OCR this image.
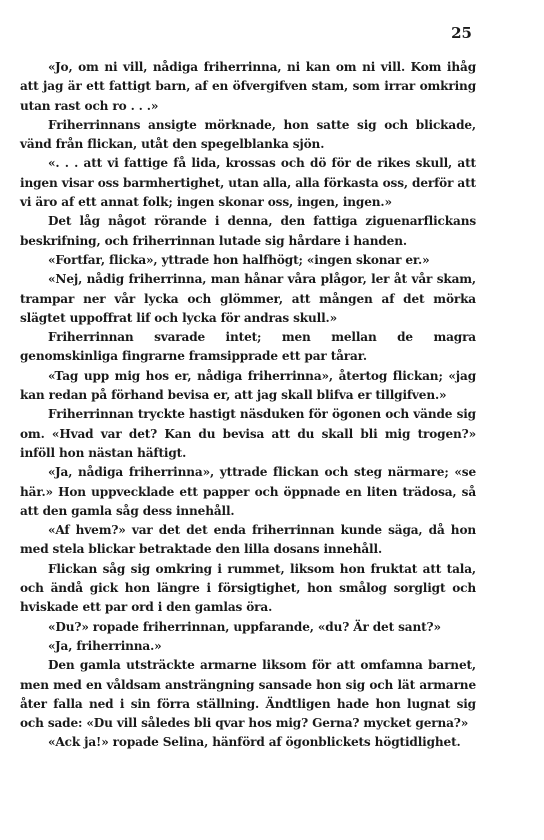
25

«Jo, om ni vill, nådiga friherrinna, ni kan om ni vill. Kom ihåg att jag är ett fattigt barn, af en öfvergifven stam, som irrar omkring utan rast och ro . . .»

Friherrinnans ansigte mörknade, hon satte sig och blickade, vänd från flickan, utåt den spegelblanka sjön.

«. . . att vi fattige få lida, krossas och dö för de rikes skull, att ingen visar oss barmhertighet, utan alla, alla förkasta oss, derför att vi äro af ett annat folk; ingen skonar oss, ingen, ingen.»

Det låg något rörande i denna, den fattiga ziguenarflickans beskrifning, och friherrinnan lutade sig hårdare i handen.

«Fortfar, flicka», yttrade hon halfhögt; «ingen skonar er.»

«Nej, nådig friherrinna, man hånar våra plågor, ler åt vår skam, trampar ner vår lycka och glömmer, att mången af det mörka slägtet uppoffrat lif och lycka för andras skull.»

Friherrinnan svarade intet; men mellan de magra genomskinliga fingrarne framsipprade ett par tårar.

«Tag upp mig hos er, nådiga friherrinna», återtog flickan; «jag kan redan på förhand bevisa er, att jag skall blifva er tillgifven.»

Friherrinnan tryckte hastigt näsduken för ögonen och vände sig om. «Hvad var det? Kan du bevisa att du skall bli mig trogen?» inföll hon nästan häftigt.

«Ja, nådiga friherrinna», yttrade flickan och steg närmare; «se här.» Hon uppvecklade ett papper och öppnade en liten trädosa, så att den gamla såg dess innehåll.

«Af hvem?» var det det enda friherrinnan kunde säga, då hon med stela blickar betraktade den lilla dosans innehåll.

Flickan såg sig omkring i rummet, liksom hon fruktat att tala, och ändå gick hon längre i försigtighet, hon smålog sorgligt och hviskade ett par ord i den gamlas öra.

«Du?» ropade friherrinnan, uppfarande, «du? Är det sant?»

«Ja, friherrinna.»

Den gamla utsträckte armarne liksom för att omfamna barnet, men med en våldsam ansträngning sansade hon sig och lät armarne åter falla ned i sin förra ställning. Ändtligen hade hon lugnat sig och sade: «Du vill således bli qvar hos mig? Gerna? mycket gerna?»

«Ack ja!» ropade Selina, hänförd af ögonblickets högtidlighet.
